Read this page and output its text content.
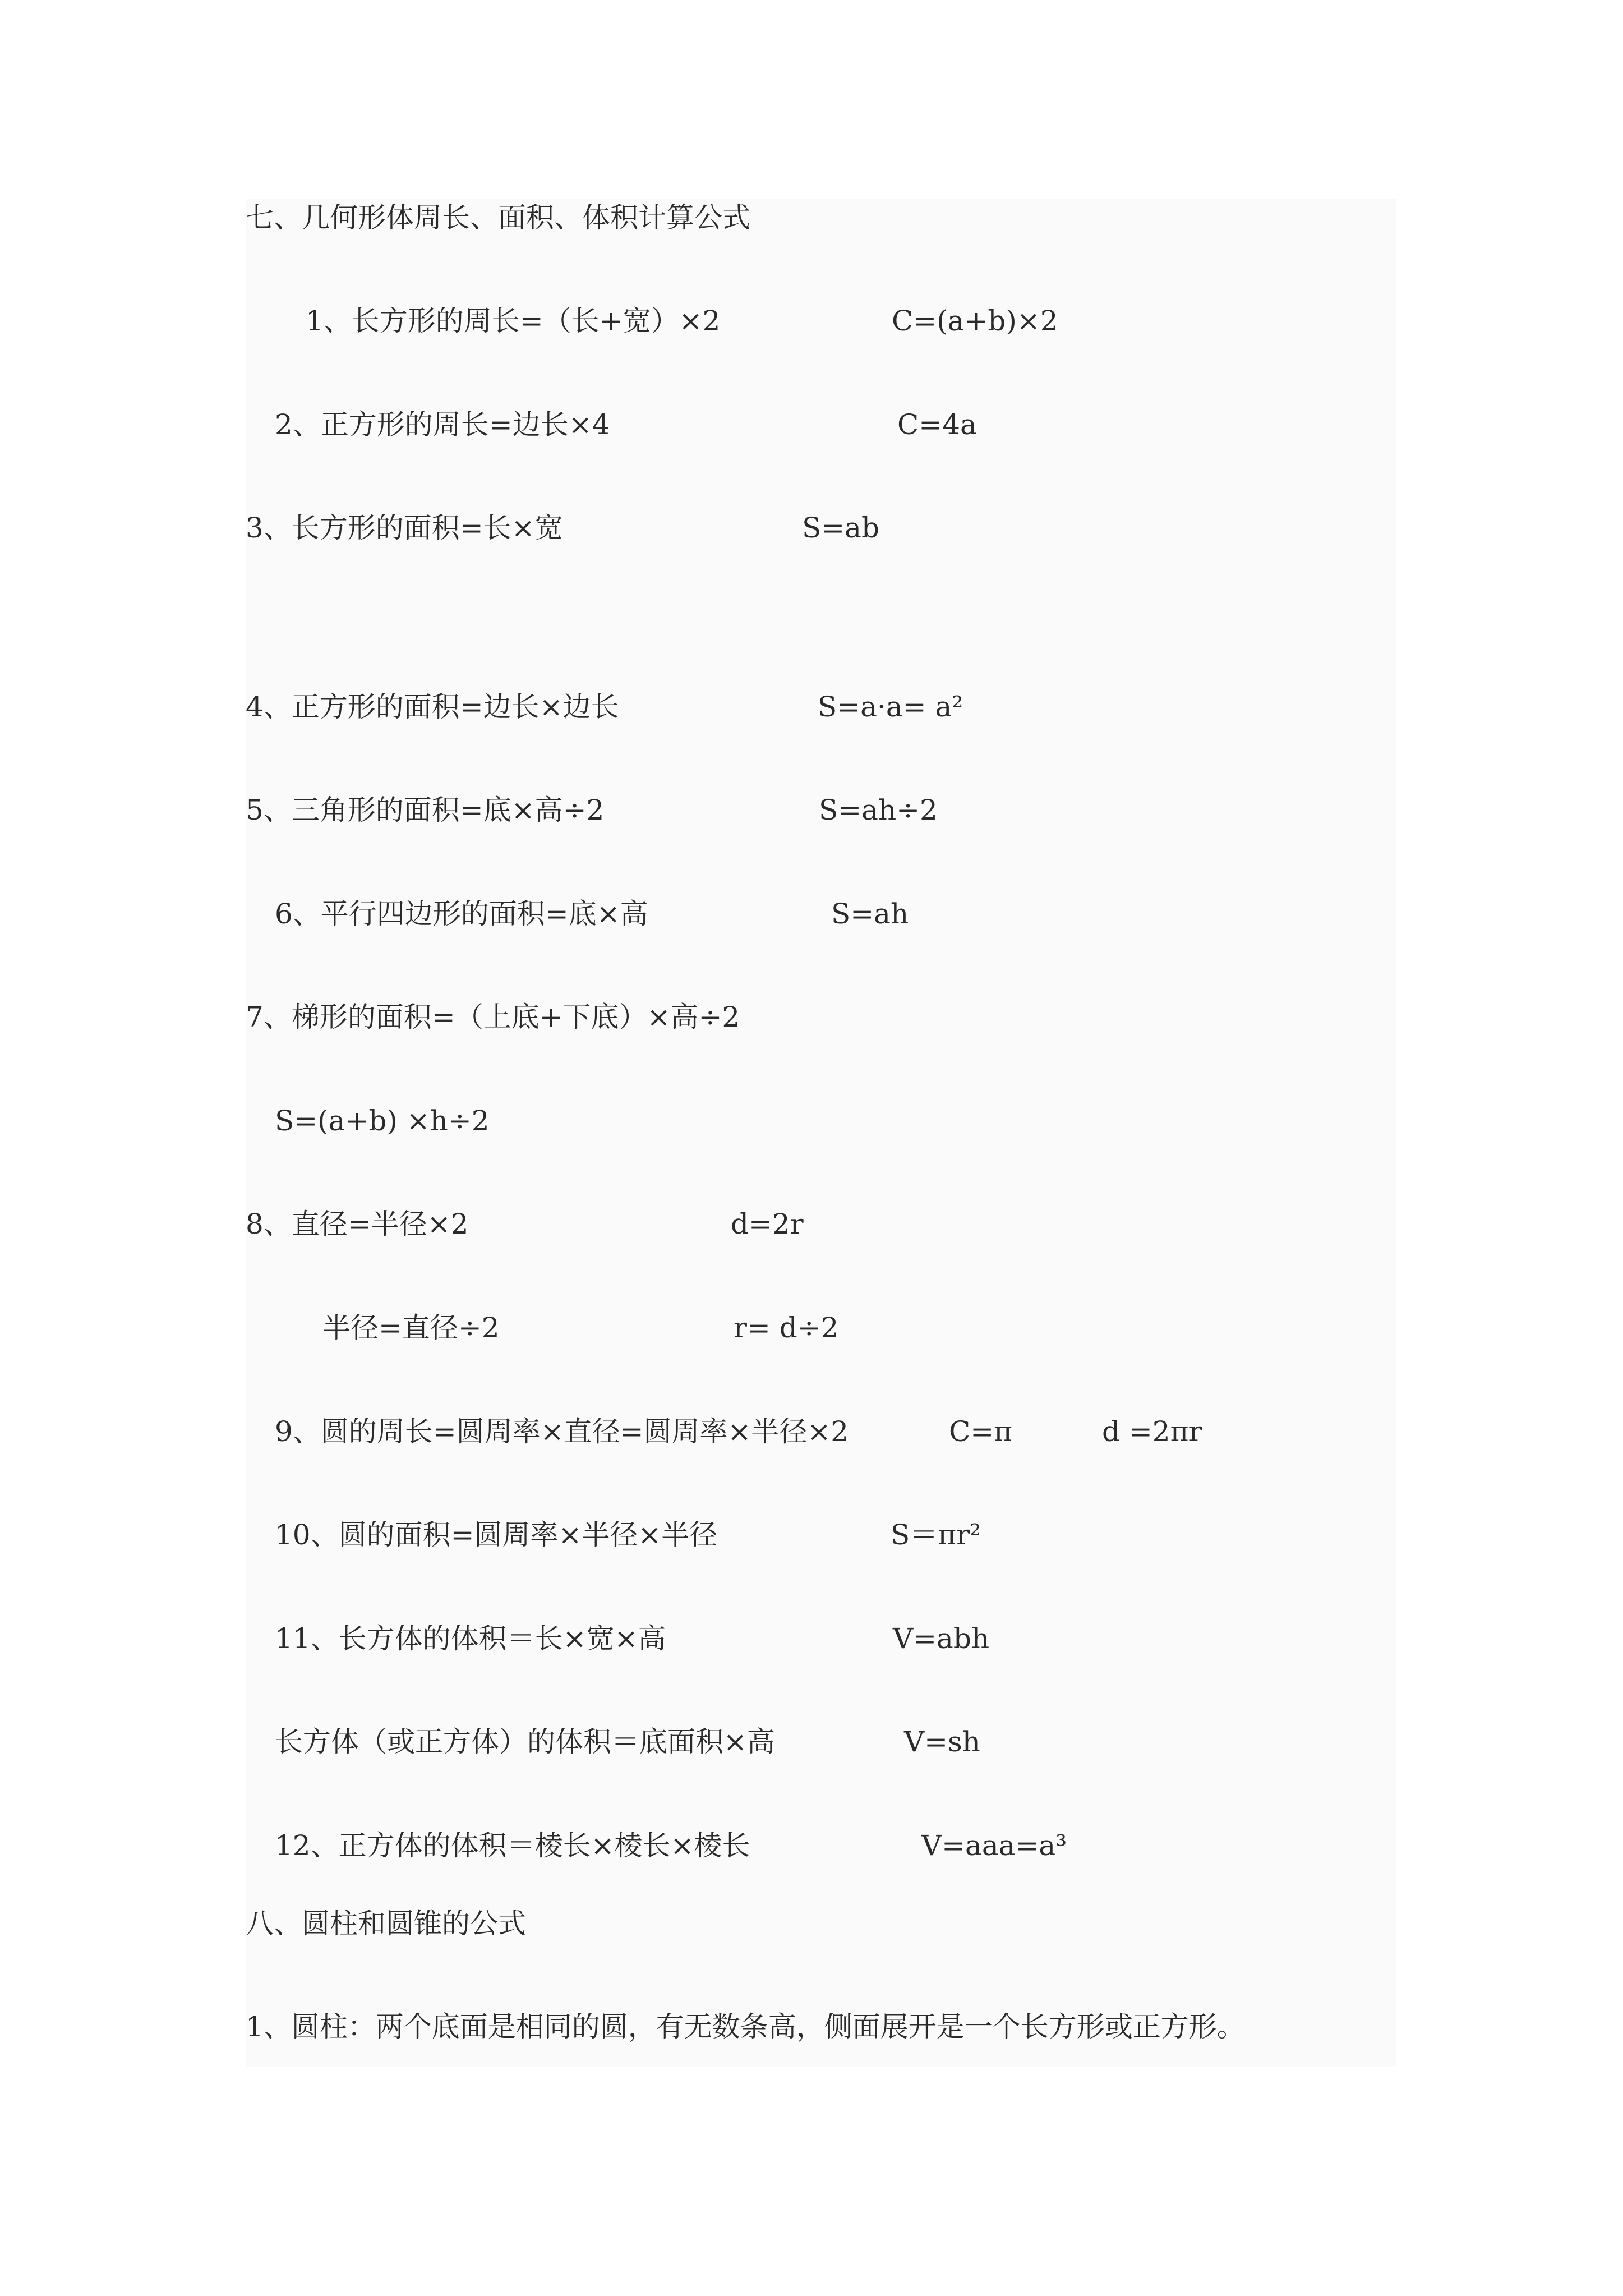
七、几何形体周长、面积、体积计算公式
1、长方形的周长=（长+宽）×2	C=(a+b)×2
2、正方形的周长=边长×4	C=4a
3、长方形的面积=长×宽	S=ab
4、正方形的面积=边长×边长	S=a·a= a²
5、三角形的面积=底×高÷2	S=ah÷2
6、平行四边形的面积=底×高	S=ah
7、梯形的面积=（上底+下底）×高÷2
S=(a+b) ×h÷2
8、直径=半径×2	d=2r
半径=直径÷2	r= d÷2
9、圆的周长=圆周率×直径=圆周率×半径×2	C=π	d =2πr
10、圆的面积=圆周率×半径×半径	S＝πr²
11、长方体的体积＝长×宽×高	V=abh
长方体（或正方体）的体积＝底面积×高	V=sh
12、正方体的体积＝棱长×棱长×棱长	V=aaa=a³
八、圆柱和圆锥的公式
1、圆柱：两个底面是相同的圆，有无数条高，侧面展开是一个长方形或正方形。
